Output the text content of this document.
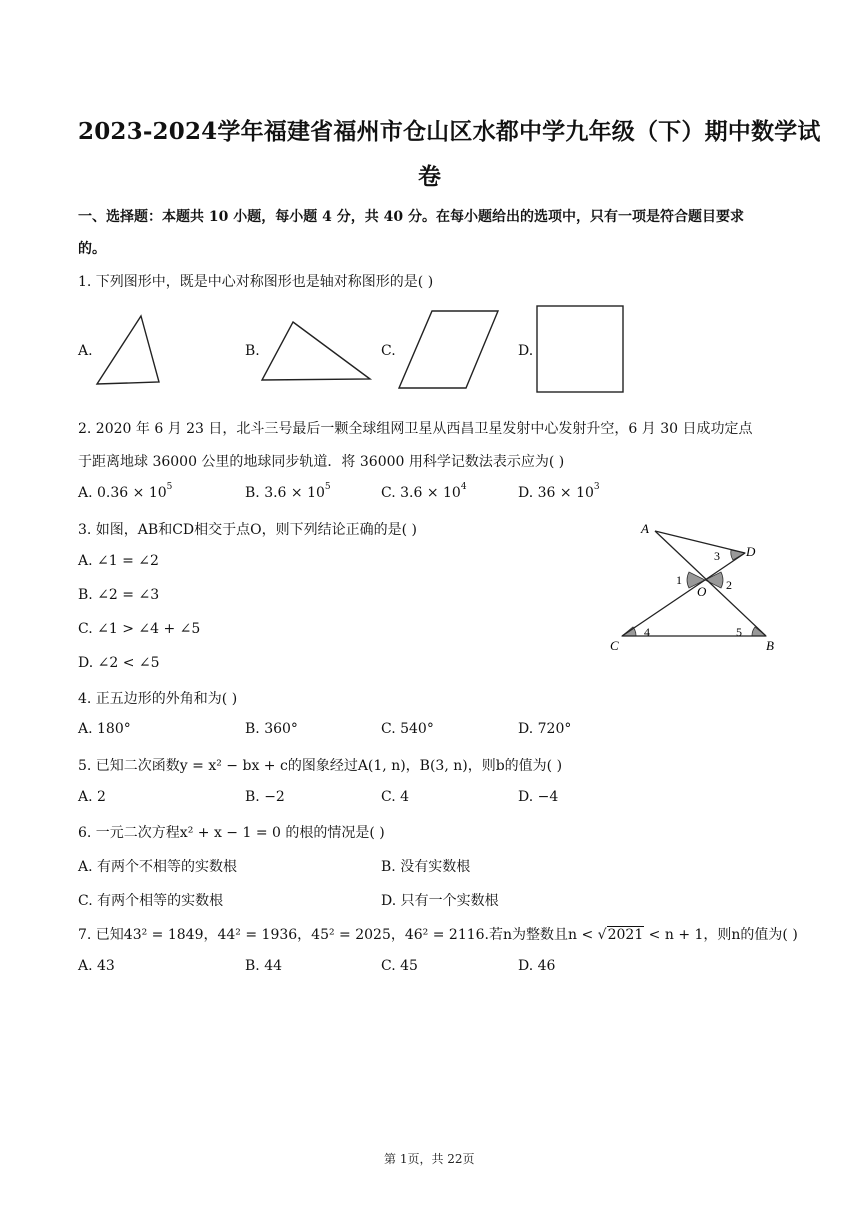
2023-2024学年福建省福州市仓山区水都中学九年级（下）期中数学试
卷
一、选择题：本题共 10 小题，每小题 4 分，共 40 分。在每小题给出的选项中，只有一项是符合题目要求
的。
1. 下列图形中，既是中心对称图形也是轴对称图形的是( )
A.	B.	C.	D.
2. 2020 年 6 月 23 日，北斗三号最后一颗全球组网卫星从西昌卫星发射中心发射升空，6 月 30 日成功定点
于距离地球 36000 公里的地球同步轨道．将 36000 用科学记数法表示应为( )
A. $0.36 \times 10^5$	B. $3.6 \times 10^5$	C. $3.6 \times 10^4$	D. $36 \times 10^3$
3. 如图，AB和CD相交于点O，则下列结论正确的是( )
A. ∠1 = ∠2
B. ∠2 = ∠3
C. ∠1 > ∠4 + ∠5
D. ∠2 < ∠5
A
D
O
C	B
1	2
3
4	5
4. 正五边形的外角和为( )
A. 180°	B. 360°	C. 540°	D. 720°
5. 已知二次函数y = x² − bx + c的图象经过A(1, n)，B(3, n)，则b的值为( )
A. 2	B. −2	C. 4	D. −4
6. 一元二次方程x² + x − 1 = 0 的根的情况是( )
A. 有两个不相等的实数根	B. 没有实数根
C. 有两个相等的实数根	D. 只有一个实数根
7. 已知43² = 1849，44² = 1936，45² = 2025，46² = 2116.若n为整数且n < √2021 < n + 1，则n的值为( )
A. 43	B. 44	C. 45	D. 46
第 1页，共 22页
